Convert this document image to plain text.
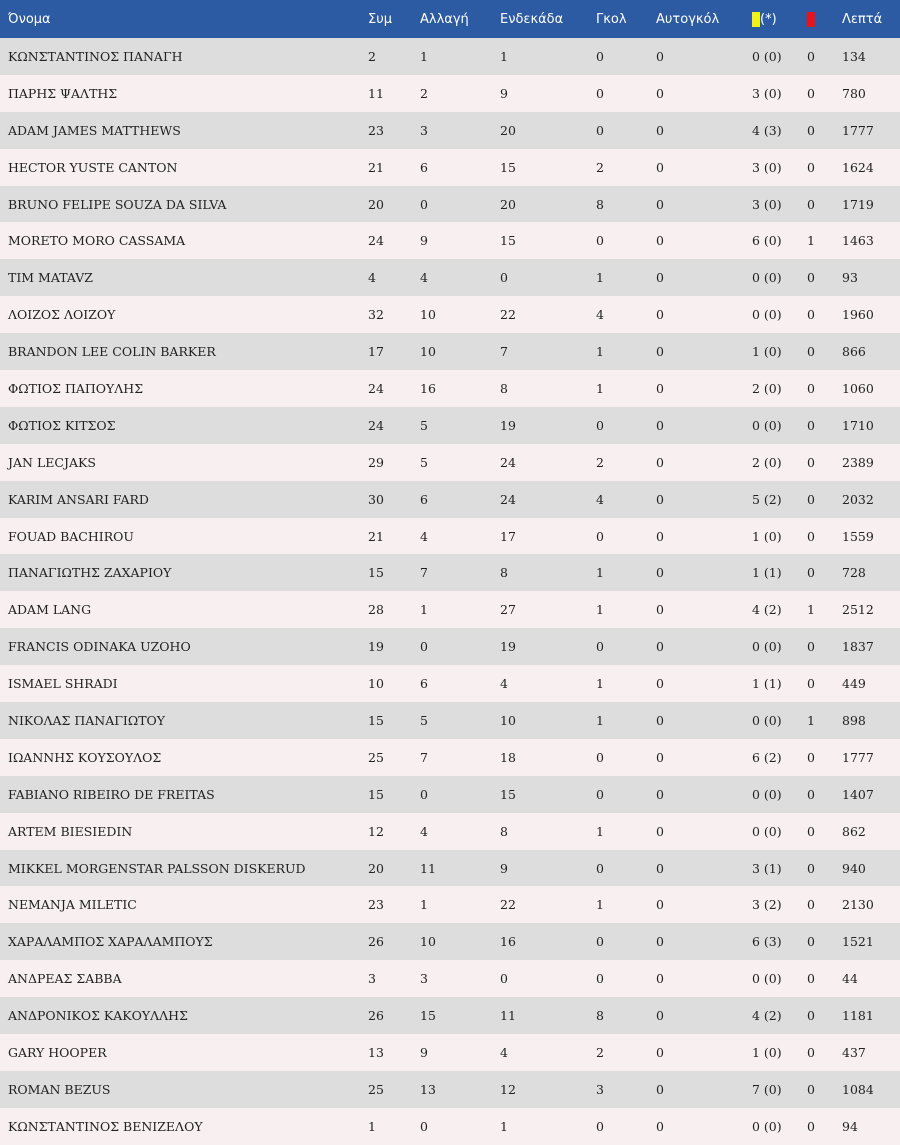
Όνομα	Συμ	Αλλαγή	Ενδεκάδα	Γκολ	Αυτογκόλ	(*)		Λεπτά
ΚΩΝΣΤΑΝΤΙΝΟΣ ΠΑΝΑΓΗ	2	1	1	0	0	0 (0)	0	134
ΠΑΡΗΣ ΨΑΛΤΗΣ	11	2	9	0	0	3 (0)	0	780
ADAM JAMES MATTHEWS	23	3	20	0	0	4 (3)	0	1777
HECTOR YUSTE CANTON	21	6	15	2	0	3 (0)	0	1624
BRUNO FELIPE SOUZA DA SILVA	20	0	20	8	0	3 (0)	0	1719
MORETO MORO CASSAMA	24	9	15	0	0	6 (0)	1	1463
TIM MATAVZ	4	4	0	1	0	0 (0)	0	93
ΛΟΙΖΟΣ ΛΟΙΖΟΥ	32	10	22	4	0	0 (0)	0	1960
BRANDON LEE COLIN BARKER	17	10	7	1	0	1 (0)	0	866
ΦΩΤΙΟΣ ΠΑΠΟΥΛΗΣ	24	16	8	1	0	2 (0)	0	1060
ΦΩΤΙΟΣ ΚΙΤΣΟΣ	24	5	19	0	0	0 (0)	0	1710
JAN LECJAKS	29	5	24	2	0	2 (0)	0	2389
KARIM ANSARI FARD	30	6	24	4	0	5 (2)	0	2032
FOUAD BACHIROU	21	4	17	0	0	1 (0)	0	1559
ΠΑΝΑΓΙΩΤΗΣ ΖΑΧΑΡΙΟΥ	15	7	8	1	0	1 (1)	0	728
ADAM LANG	28	1	27	1	0	4 (2)	1	2512
FRANCIS ODINAKA UZOHO	19	0	19	0	0	0 (0)	0	1837
ISMAEL SHRADI	10	6	4	1	0	1 (1)	0	449
ΝΙΚΟΛΑΣ ΠΑΝΑΓΙΩΤΟΥ	15	5	10	1	0	0 (0)	1	898
ΙΩΑΝΝΗΣ ΚΟΥΣΟΥΛΟΣ	25	7	18	0	0	6 (2)	0	1777
FABIANO RIBEIRO DE FREITAS	15	0	15	0	0	0 (0)	0	1407
ARTEM BIESIEDIN	12	4	8	1	0	0 (0)	0	862
MIKKEL MORGENSTAR PALSSON DISKERUD	20	11	9	0	0	3 (1)	0	940
NEMANJA MILETIC	23	1	22	1	0	3 (2)	0	2130
ΧΑΡΑΛΑΜΠΟΣ ΧΑΡΑΛΑΜΠΟΥΣ	26	10	16	0	0	6 (3)	0	1521
ΑΝΔΡΕΑΣ ΣΑΒΒΑ	3	3	0	0	0	0 (0)	0	44
ΑΝΔΡΟΝΙΚΟΣ ΚΑΚΟΥΛΛΗΣ	26	15	11	8	0	4 (2)	0	1181
GARY HOOPER	13	9	4	2	0	1 (0)	0	437
ROMAN BEZUS	25	13	12	3	0	7 (0)	0	1084
ΚΩΝΣΤΑΝΤΙΝΟΣ ΒΕΝΙΖΕΛΟΥ	1	0	1	0	0	0 (0)	0	94
